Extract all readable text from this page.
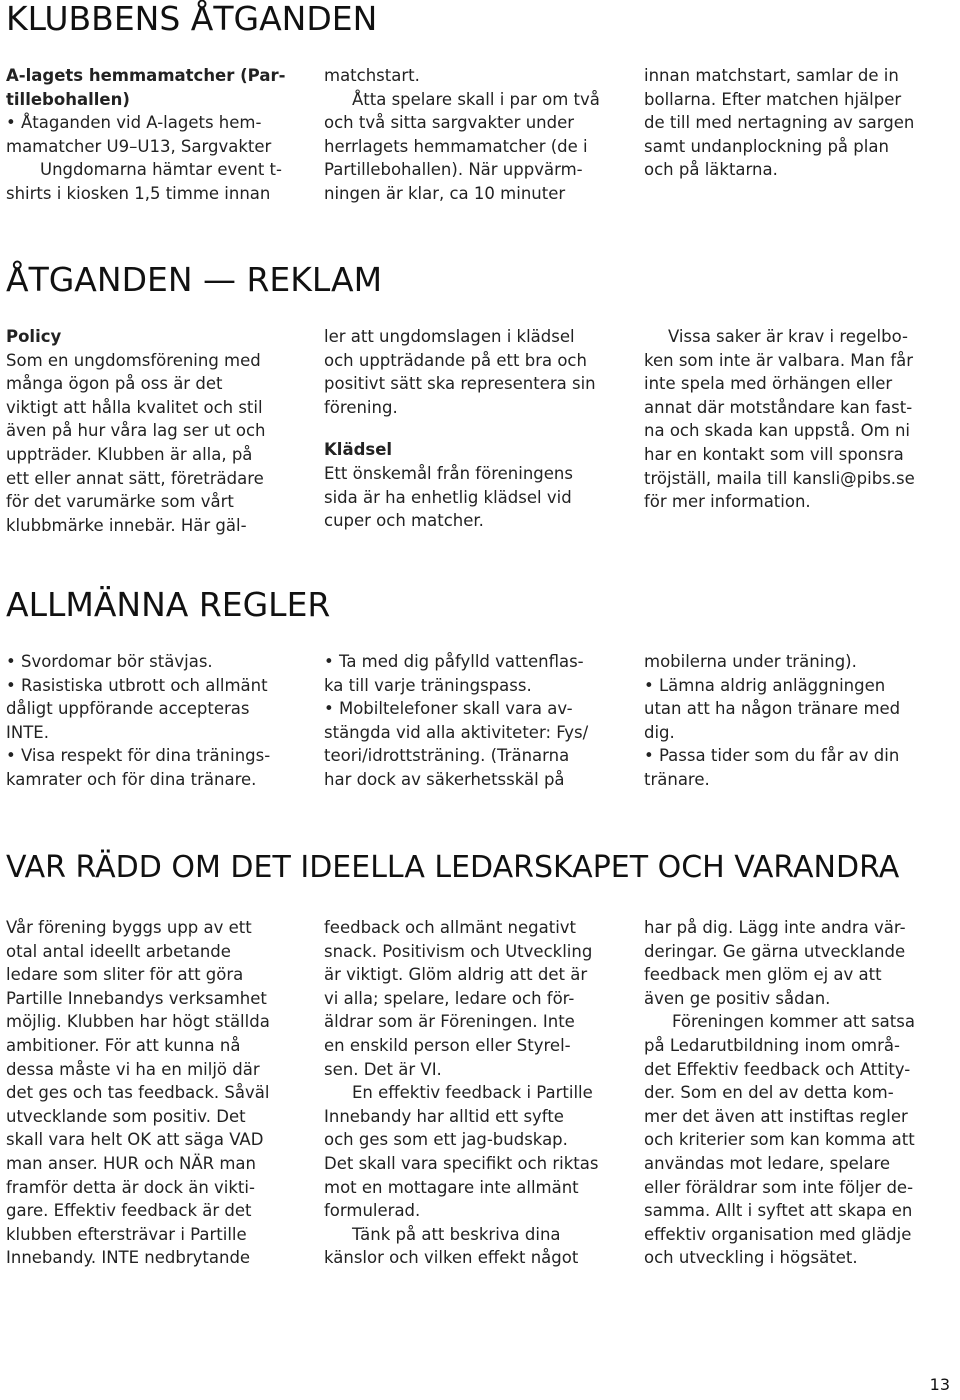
KLUBBENS ÅTGANDEN
A-lagets hemmamatcher (Par-
tillebohallen)
• Åtaganden vid A-lagets hem-
mamatcher U9–U13, Sargvakter
Ungdomarna hämtar event t-
shirts i kiosken 1,5 timme innan
matchstart.
Åtta spelare skall i par om två
och två sitta sargvakter under
herrlagets hemmamatcher (de i
Partillebohallen). När uppvärm-
ningen är klar, ca 10 minuter
innan matchstart, samlar de in
bollarna. Efter matchen hjälper
de till med nertagning av sargen
samt undanplockning på plan
och på läktarna.
ÅTGANDEN — REKLAM
Policy
Som en ungdomsförening med
många ögon på oss är det
viktigt att hålla kvalitet och stil
även på hur våra lag ser ut och
uppträder. Klubben är alla, på
ett eller annat sätt, företrädare
för det varumärke som vårt
klubbmärke innebär. Här gäl-
ler att ungdomslagen i klädsel
och uppträdande på ett bra och
positivt sätt ska representera sin
förening.
Klädsel
Ett önskemål från föreningens
sida är ha enhetlig klädsel vid
cuper och matcher.
Vissa saker är krav i regelbo-
ken som inte är valbara. Man får
inte spela med örhängen eller
annat där motståndare kan fast-
na och skada kan uppstå. Om ni
har en kontakt som vill sponsra
tröjställ, maila till kansli@pibs.se
för mer information.
ALLMÄNNA REGLER
• Svordomar bör stävjas.
• Rasistiska utbrott och allmänt
dåligt uppförande accepteras
INTE.
• Visa respekt för dina tränings-
kamrater och för dina tränare.
• Ta med dig påfylld vattenflas-
ka till varje träningspass.
• Mobiltelefoner skall vara av-
stängda vid alla aktiviteter: Fys/
teori/idrottsträning. (Tränarna
har dock av säkerhetsskäl på
mobilerna under träning).
• Lämna aldrig anläggningen
utan att ha någon tränare med
dig.
• Passa tider som du får av din
tränare.
VAR RÄDD OM DET IDEELLA LEDARSKAPET OCH VARANDRA
Vår förening byggs upp av ett
otal antal ideellt arbetande
ledare som sliter för att göra
Partille Innebandys verksamhet
möjlig. Klubben har högt ställda
ambitioner. För att kunna nå
dessa måste vi ha en miljö där
det ges och tas feedback. Såväl
utvecklande som positiv. Det
skall vara helt OK att säga VAD
man anser. HUR och NÄR man
framför detta är dock än vikti-
gare. Effektiv feedback är det
klubben eftersträvar i Partille
Innebandy. INTE nedbrytande
feedback och allmänt negativt
snack. Positivism och Utveckling
är viktigt. Glöm aldrig att det är
vi alla; spelare, ledare och för-
äldrar som är Föreningen. Inte
en enskild person eller Styrel-
sen. Det är VI.
En effektiv feedback i Partille
Innebandy har alltid ett syfte
och ges som ett jag-budskap.
Det skall vara specifikt och riktas
mot en mottagare inte allmänt
formulerad.
Tänk på att beskriva dina
känslor och vilken effekt något
har på dig. Lägg inte andra vär-
deringar. Ge gärna utvecklande
feedback men glöm ej av att
även ge positiv sådan.
Föreningen kommer att satsa
på Ledarutbildning inom områ-
det Effektiv feedback och Attity-
der. Som en del av detta kom-
mer det även att instiftas regler
och kriterier som kan komma att
användas mot ledare, spelare
eller föräldrar som inte följer de-
samma. Allt i syftet att skapa en
effektiv organisation med glädje
och utveckling i högsätet.
13
